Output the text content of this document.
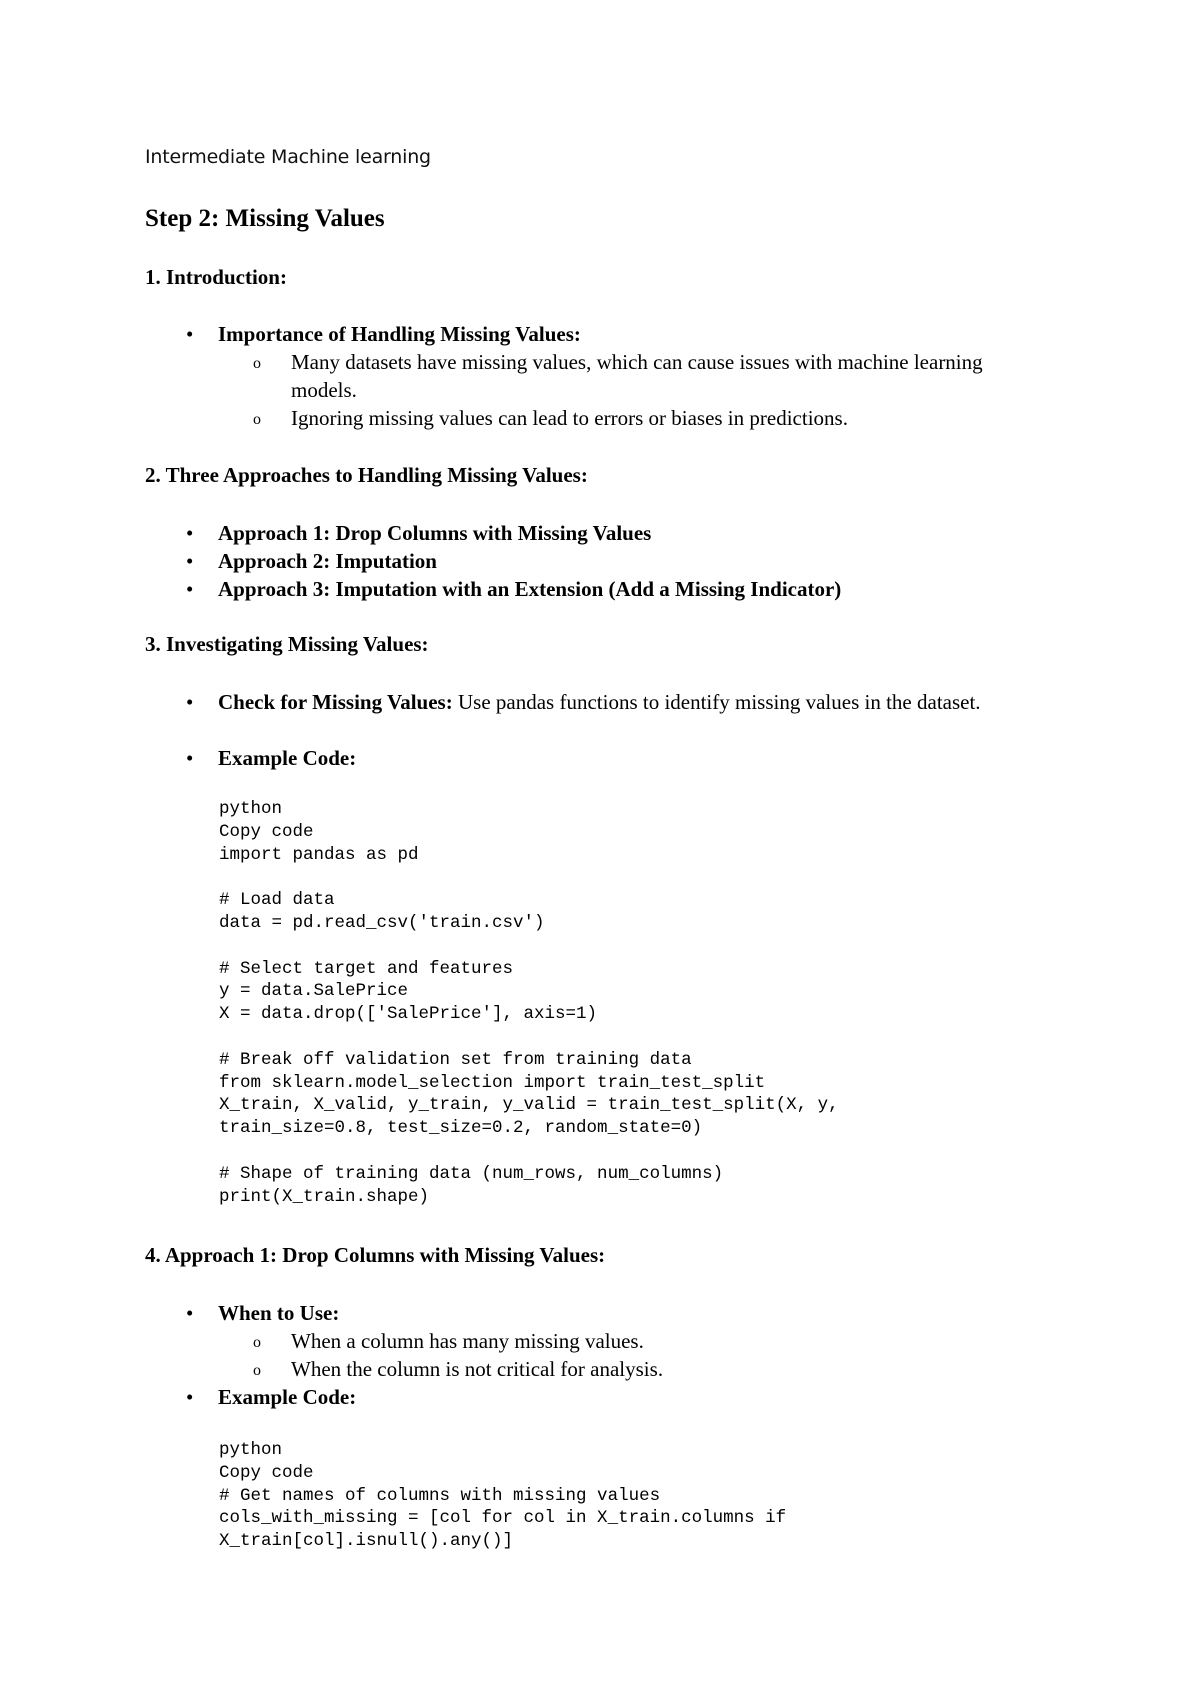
Intermediate Machine learning
Step 2: Missing Values
1. Introduction:
• Importance of Handling Missing Values:
o Many datasets have missing values, which can cause issues with machine learning models.
o Ignoring missing values can lead to errors or biases in predictions.
2. Three Approaches to Handling Missing Values:
• Approach 1: Drop Columns with Missing Values
• Approach 2: Imputation
• Approach 3: Imputation with an Extension (Add a Missing Indicator)
3. Investigating Missing Values:
• Check for Missing Values: Use pandas functions to identify missing values in the dataset.
• Example Code:
python
Copy code
import pandas as pd
# Load data
data = pd.read_csv('train.csv')
# Select target and features
y = data.SalePrice
X = data.drop(['SalePrice'], axis=1)
# Break off validation set from training data
from sklearn.model_selection import train_test_split
X_train, X_valid, y_train, y_valid = train_test_split(X, y,
train_size=0.8, test_size=0.2, random_state=0)
# Shape of training data (num_rows, num_columns)
print(X_train.shape)
4. Approach 1: Drop Columns with Missing Values:
• When to Use:
o When a column has many missing values.
o When the column is not critical for analysis.
• Example Code:
python
Copy code
# Get names of columns with missing values
cols_with_missing = [col for col in X_train.columns if
X_train[col].isnull().any()]
